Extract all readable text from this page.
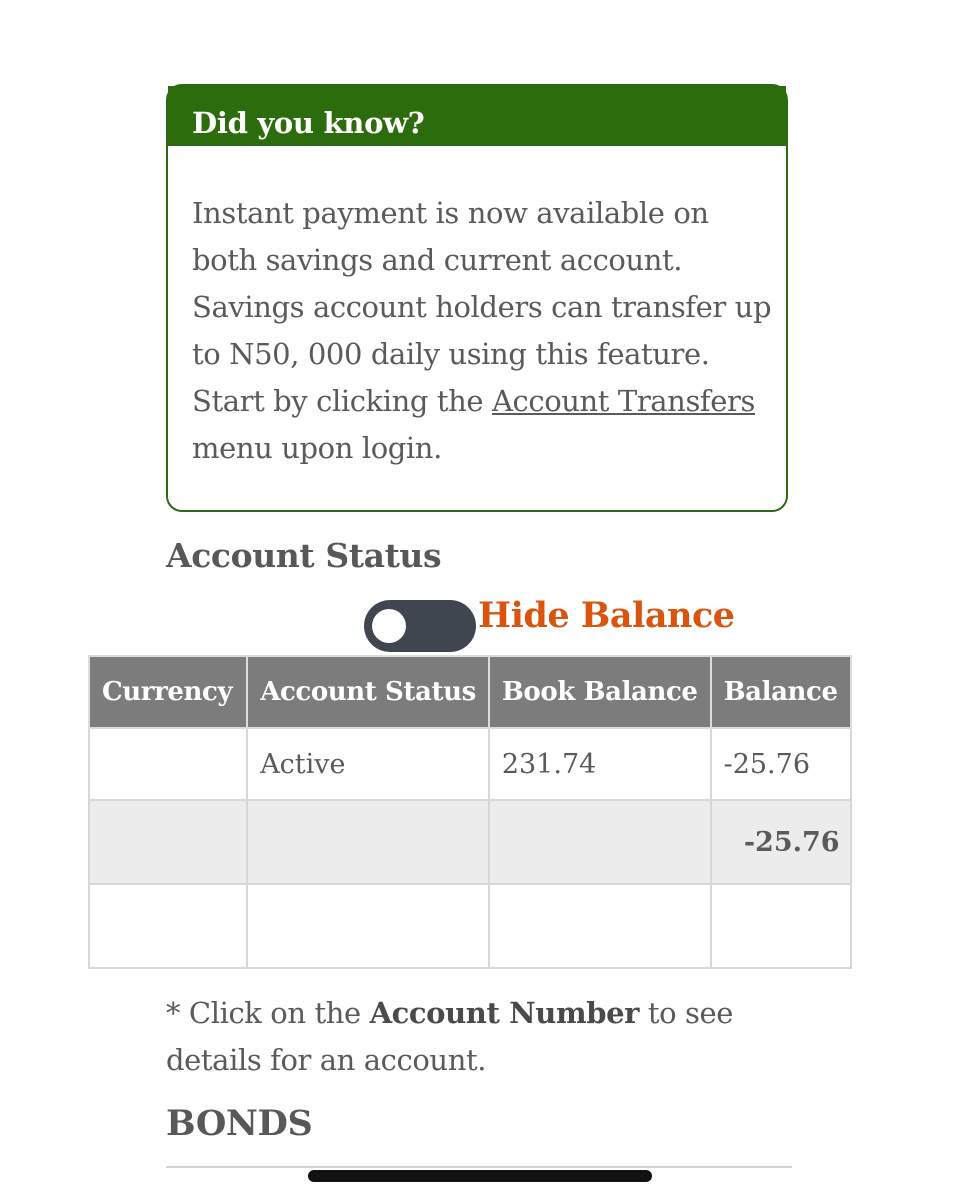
Did you know?
Instant payment is now available on both savings and current account.
Savings account holders can transfer up to N50, 000 daily using this feature. Start by clicking the Account Transfers menu upon login.
Account Status
Hide Balance
Currency	Account Status	Book Balance	Balance
	Active	231.74	-25.76
			-25.76

* Click on the Account Number to see details for an account.
BONDS
